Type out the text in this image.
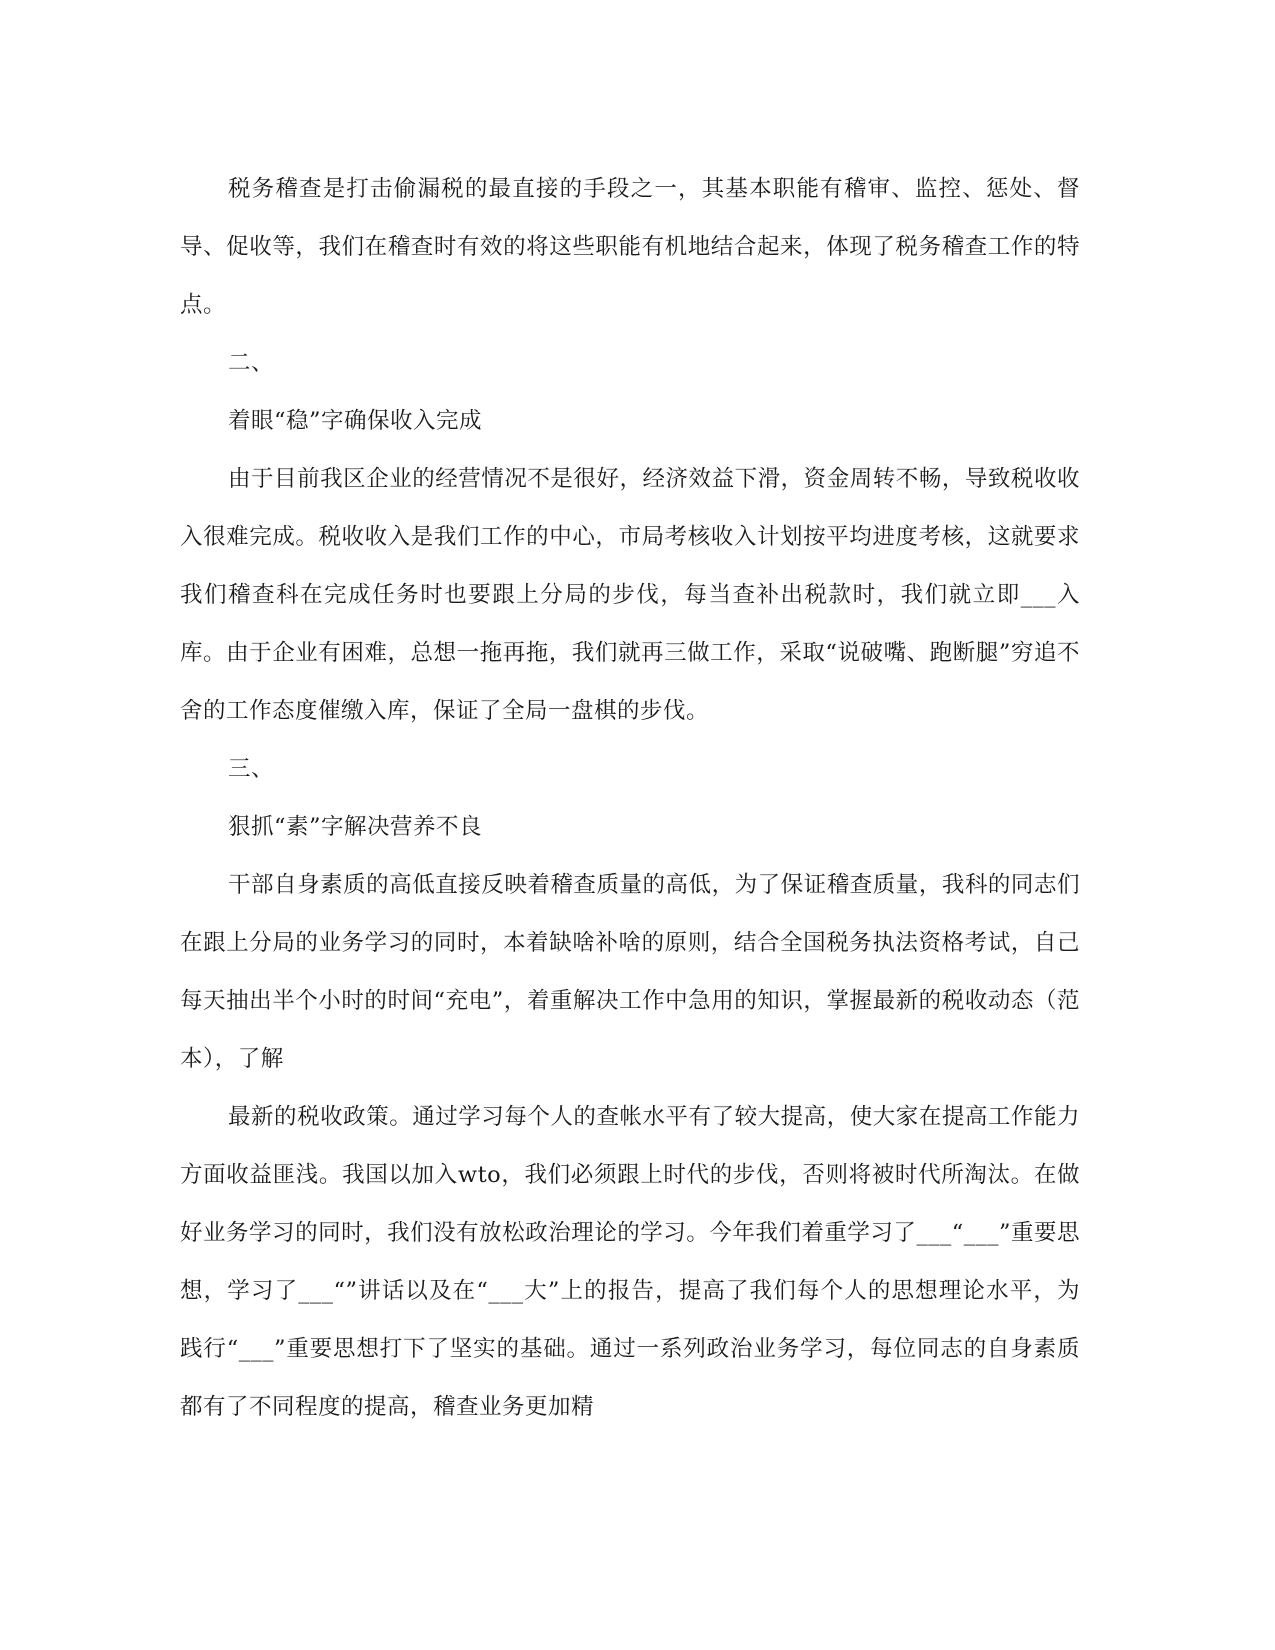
税务稽查是打击偷漏税的最直接的手段之一，其基本职能有稽审、监控、惩处、督导、促收等，我们在稽查时有效的将这些职能有机地结合起来，体现了税务稽查工作的特点。

二、

着眼“稳”字确保收入完成

由于目前我区企业的经营情况不是很好，经济效益下滑，资金周转不畅，导致税收收入很难完成。税收收入是我们工作的中心，市局考核收入计划按平均进度考核，这就要求我们稽查科在完成任务时也要跟上分局的步伐，每当查补出税款时，我们就立即___入库。由于企业有困难，总想一拖再拖，我们就再三做工作，采取“说破嘴、跑断腿”穷追不舍的工作态度催缴入库，保证了全局一盘棋的步伐。

三、

狠抓“素”字解决营养不良

干部自身素质的高低直接反映着稽查质量的高低，为了保证稽查质量，我科的同志们在跟上分局的业务学习的同时，本着缺啥补啥的原则，结合全国税务执法资格考试，自己每天抽出半个小时的时间“充电”，着重解决工作中急用的知识，掌握最新的税收动态（范本），了解

最新的税收政策。通过学习每个人的查帐水平有了较大提高，使大家在提高工作能力方面收益匪浅。我国以加入wto，我们必须跟上时代的步伐，否则将被时代所淘汰。在做好业务学习的同时，我们没有放松政治理论的学习。今年我们着重学习了___“___”重要思想，学习了___“”讲话以及在“___大”上的报告，提高了我们每个人的思想理论水平，为践行“___”重要思想打下了坚实的基础。通过一系列政治业务学习，每位同志的自身素质都有了不同程度的提高，稽查业务更加精
